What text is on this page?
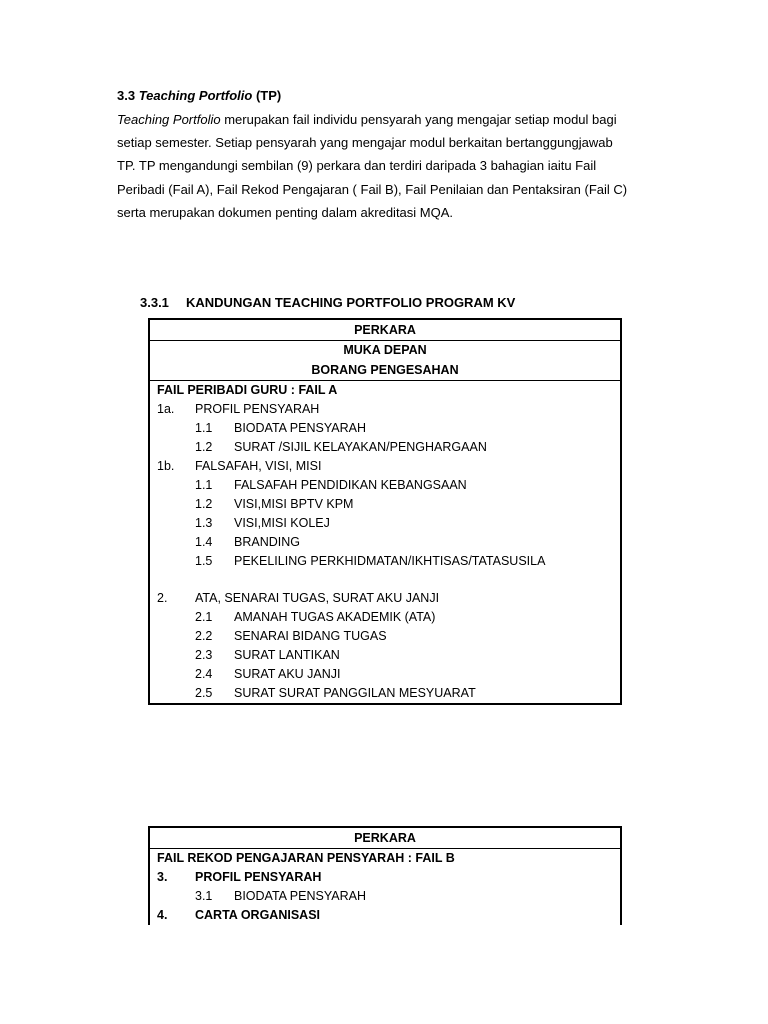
3.3 Teaching Portfolio (TP)
Teaching Portfolio merupakan fail individu pensyarah yang mengajar setiap modul bagi
setiap semester. Setiap pensyarah yang mengajar modul berkaitan bertanggungjawab
TP. TP mengandungi sembilan (9) perkara dan terdiri daripada 3 bahagian iaitu Fail
Peribadi (Fail A), Fail Rekod Pengajaran ( Fail B), Fail Penilaian dan Pentaksiran (Fail C)
serta merupakan dokumen penting dalam akreditasi MQA.
3.3.1 KANDUNGAN TEACHING PORTFOLIO PROGRAM KV
PERKARA

MUKA DEPAN
BORANG PENGESAHAN

FAIL PERIBADI GURU : FAIL A
1a.	PROFIL PENSYARAH
1.1	BIODATA PENSYARAH
1.2	SURAT /SIJIL KELAYAKAN/PENGHARGAAN
1b.	FALSAFAH, VISI, MISI
1.1	FALSAFAH PENDIDIKAN KEBANGSAAN
1.2	VISI,MISI BPTV KPM
1.3	VISI,MISI KOLEJ
1.4	BRANDING
1.5	PEKELILING PERKHIDMATAN/IKHTISAS/TATASUSILA
2.	ATA, SENARAI TUGAS, SURAT AKU JANJI
2.1	AMANAH TUGAS AKADEMIK (ATA)
2.2	SENARAI BIDANG TUGAS
2.3	SURAT LANTIKAN
2.4	SURAT AKU JANJI
2.5	SURAT SURAT PANGGILAN MESYUARAT
PERKARA

FAIL REKOD PENGAJARAN PENSYARAH : FAIL B
3.	PROFIL PENSYARAH
3.1	BIODATA PENSYARAH
4.	CARTA ORGANISASI
